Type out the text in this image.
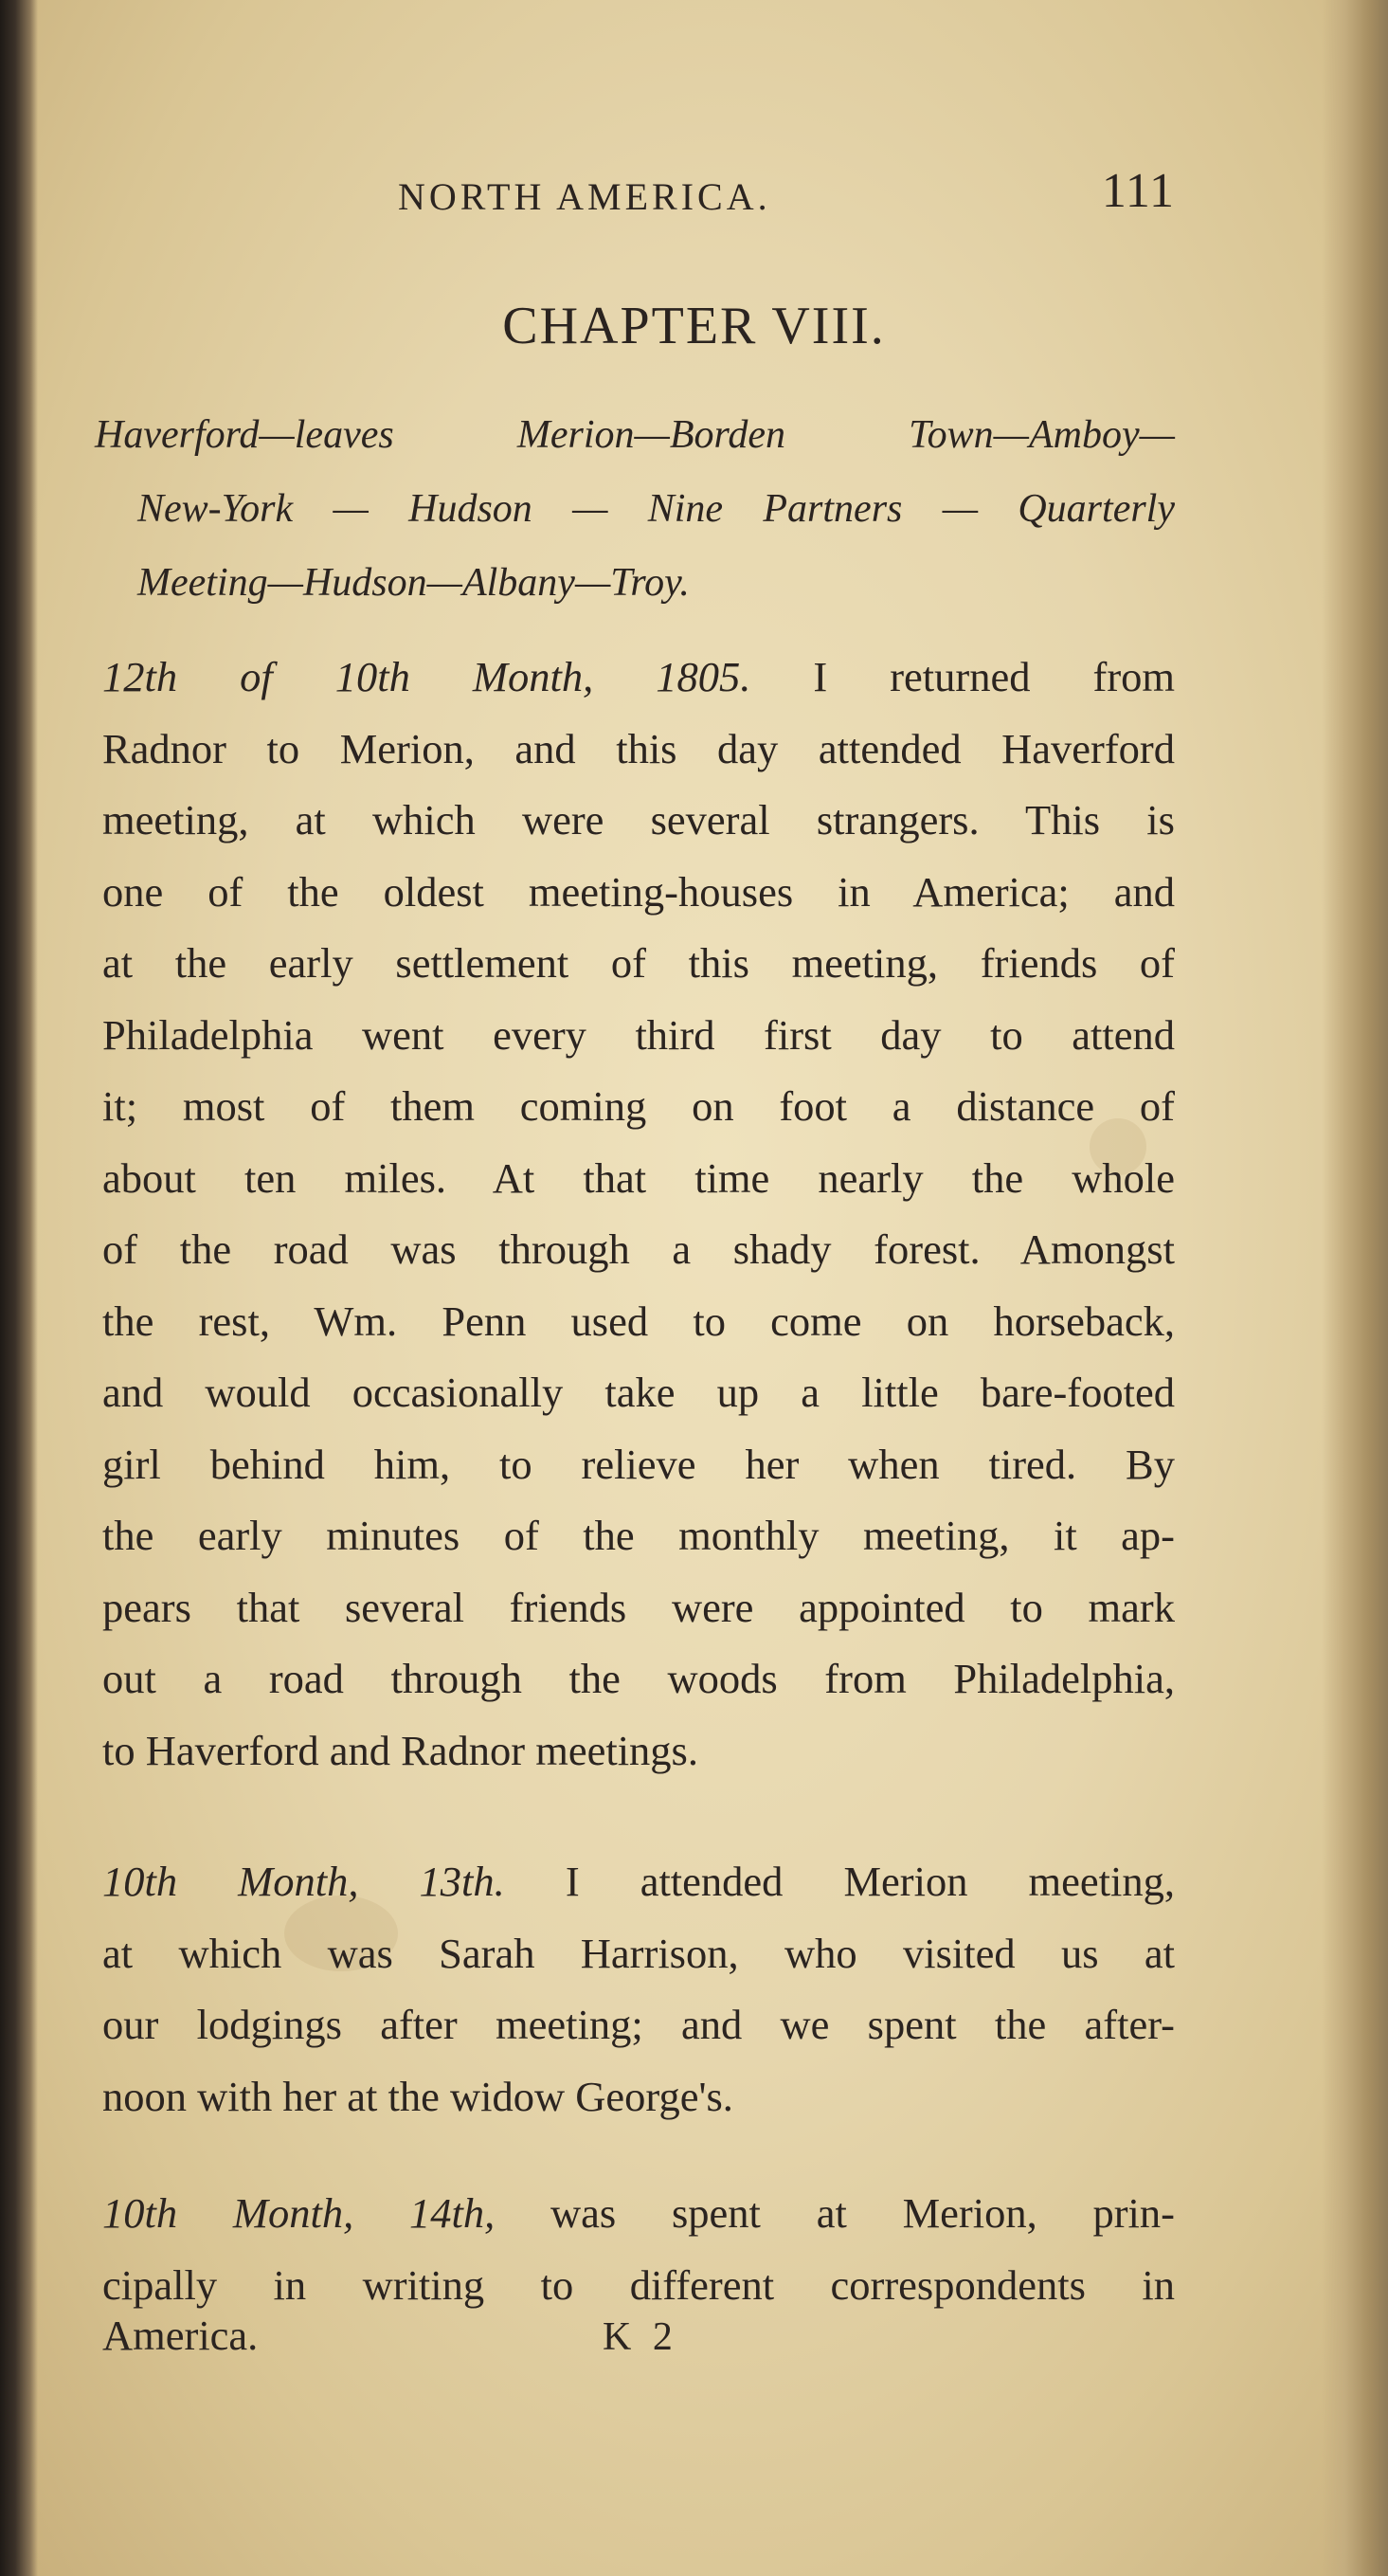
NORTH AMERICA.	111
CHAPTER VIII.
Haverford—leaves Merion—Borden Town—Amboy—
New-York — Hudson — Nine Partners — Quarterly
Meeting—Hudson—Albany—Troy.
12th of 10th Month, 1805. I returned from
Radnor to Merion, and this day attended Haverford
meeting, at which were several strangers. This is
one of the oldest meeting-houses in America; and
at the early settlement of this meeting, friends of
Philadelphia went every third first day to attend
it; most of them coming on foot a distance of
about ten miles. At that time nearly the whole
of the road was through a shady forest. Amongst
the rest, Wm. Penn used to come on horseback,
and would occasionally take up a little bare-footed
girl behind him, to relieve her when tired. By
the early minutes of the monthly meeting, it ap-
pears that several friends were appointed to mark
out a road through the woods from Philadelphia,
to Haverford and Radnor meetings.
10th Month, 13th. I attended Merion meeting,
at which was Sarah Harrison, who visited us at
our lodgings after meeting; and we spent the after-
noon with her at the widow George's.
10th Month, 14th, was spent at Merion, prin-
cipally in writing to different correspondents in
America.	K 2
